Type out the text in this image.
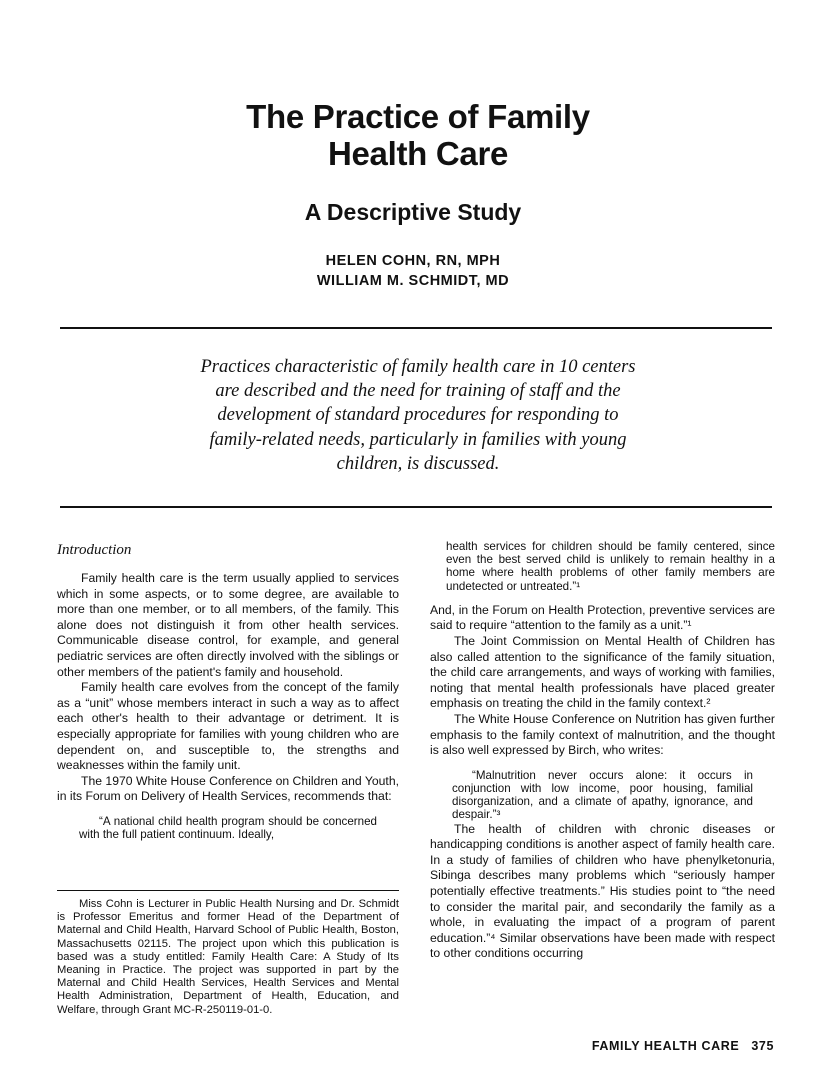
The Practice of Family
Health Care
A Descriptive Study
HELEN COHN, RN, MPH
WILLIAM M. SCHMIDT, MD
Practices characteristic of family health care in 10 centers are described and the need for training of staff and the development of standard procedures for responding to family-related needs, particularly in families with young children, is discussed.
Introduction

Family health care is the term usually applied to services which in some aspects, or to some degree, are available to more than one member, or to all members, of the family. This alone does not distinguish it from other health services. Communicable disease control, for example, and general pediatric services are often directly involved with the siblings or other members of the patient's family and household.

Family health care evolves from the concept of the family as a “unit” whose members interact in such a way as to affect each other's health to their advantage or detriment. It is especially appropriate for families with young children who are dependent on, and susceptible to, the strengths and weaknesses within the family unit.

The 1970 White House Conference on Children and Youth, in its Forum on Delivery of Health Services, recommends that:

“A national child health program should be concerned with the full patient continuum. Ideally,

Miss Cohn is Lecturer in Public Health Nursing and Dr. Schmidt is Professor Emeritus and former Head of the Department of Maternal and Child Health, Harvard School of Public Health, Boston, Massachusetts 02115. The project upon which this publication is based was a study entitled: Family Health Care: A Study of Its Meaning in Practice. The project was supported in part by the Maternal and Child Health Services, Health Services and Mental Health Administration, Department of Health, Education, and Welfare, through Grant MC-R-250119-01-0.

health services for children should be family centered, since even the best served child is unlikely to remain healthy in a home where health problems of other family members are undetected or untreated.”¹

And, in the Forum on Health Protection, preventive services are said to require “attention to the family as a unit.”¹

The Joint Commission on Mental Health of Children has also called attention to the significance of the family situation, the child care arrangements, and ways of working with families, noting that mental health professionals have placed greater emphasis on treating the child in the family context.²

The White House Conference on Nutrition has given further emphasis to the family context of malnutrition, and the thought is also well expressed by Birch, who writes:

“Malnutrition never occurs alone: it occurs in conjunction with low income, poor housing, familial disorganization, and a climate of apathy, ignorance, and despair.”³

The health of children with chronic diseases or handicapping conditions is another aspect of family health care. In a study of families of children who have phenylketonuria, Sibinga describes many problems which “seriously hamper potentially effective treatments.” His studies point to “the need to consider the marital pair, and secondarily the family as a whole, in evaluating the impact of a program of parent education.”⁴ Similar observations have been made with respect to other conditions occurring

FAMILY HEALTH CARE 375
